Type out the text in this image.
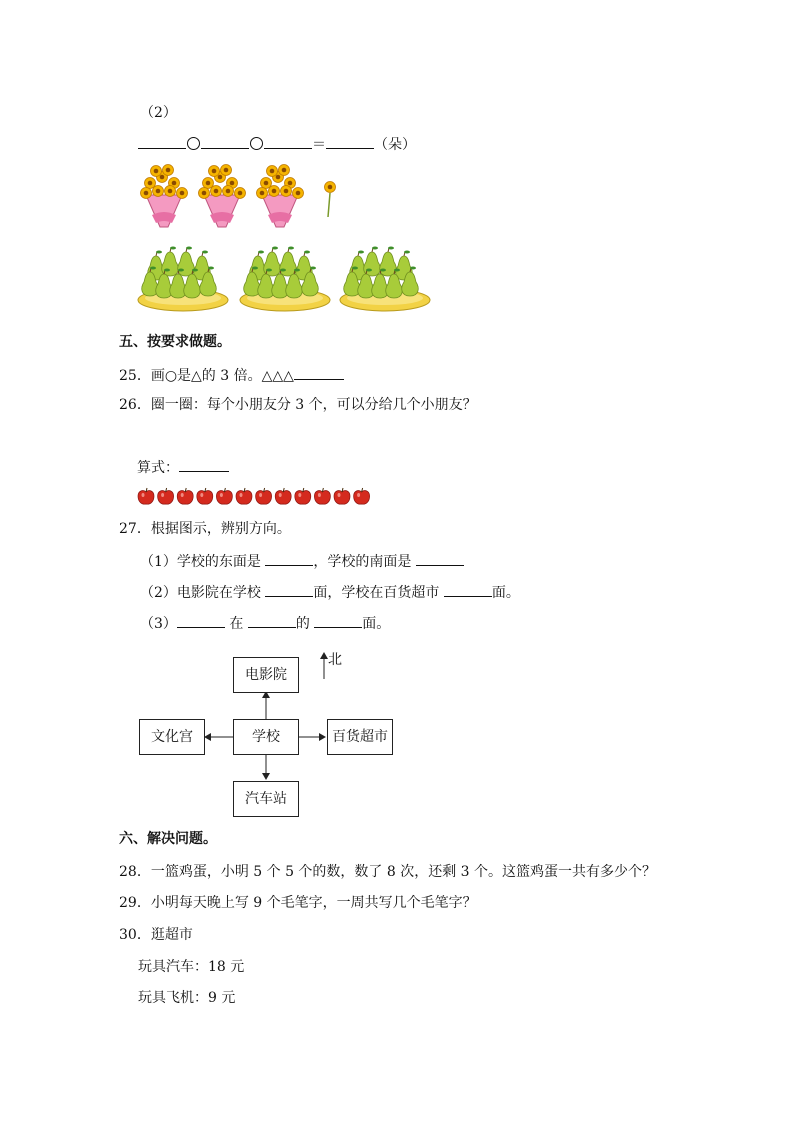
（2）
＝	（朵）
五、按要求做题。
25．画○是△的 3 倍。△△△
26．圈一圈：每个小朋友分 3 个，可以分给几个小朋友？
算式：
27．根据图示，辨别方向。
（1）学校的东面是	，学校的南面是
（2）电影院在学校	面，学校在百货超市	面。
（3）	在	的	面。
北
电影院
学校
文化宫	百货超市
汽车站
六、解决问题。
28．一篮鸡蛋，小明 5 个 5 个的数，数了 8 次，还剩 3 个。这篮鸡蛋一共有多少个？
29．小明每天晚上写 9 个毛笔字，一周共写几个毛笔字？
30．逛超市
玩具汽车：18 元
玩具飞机：9 元
